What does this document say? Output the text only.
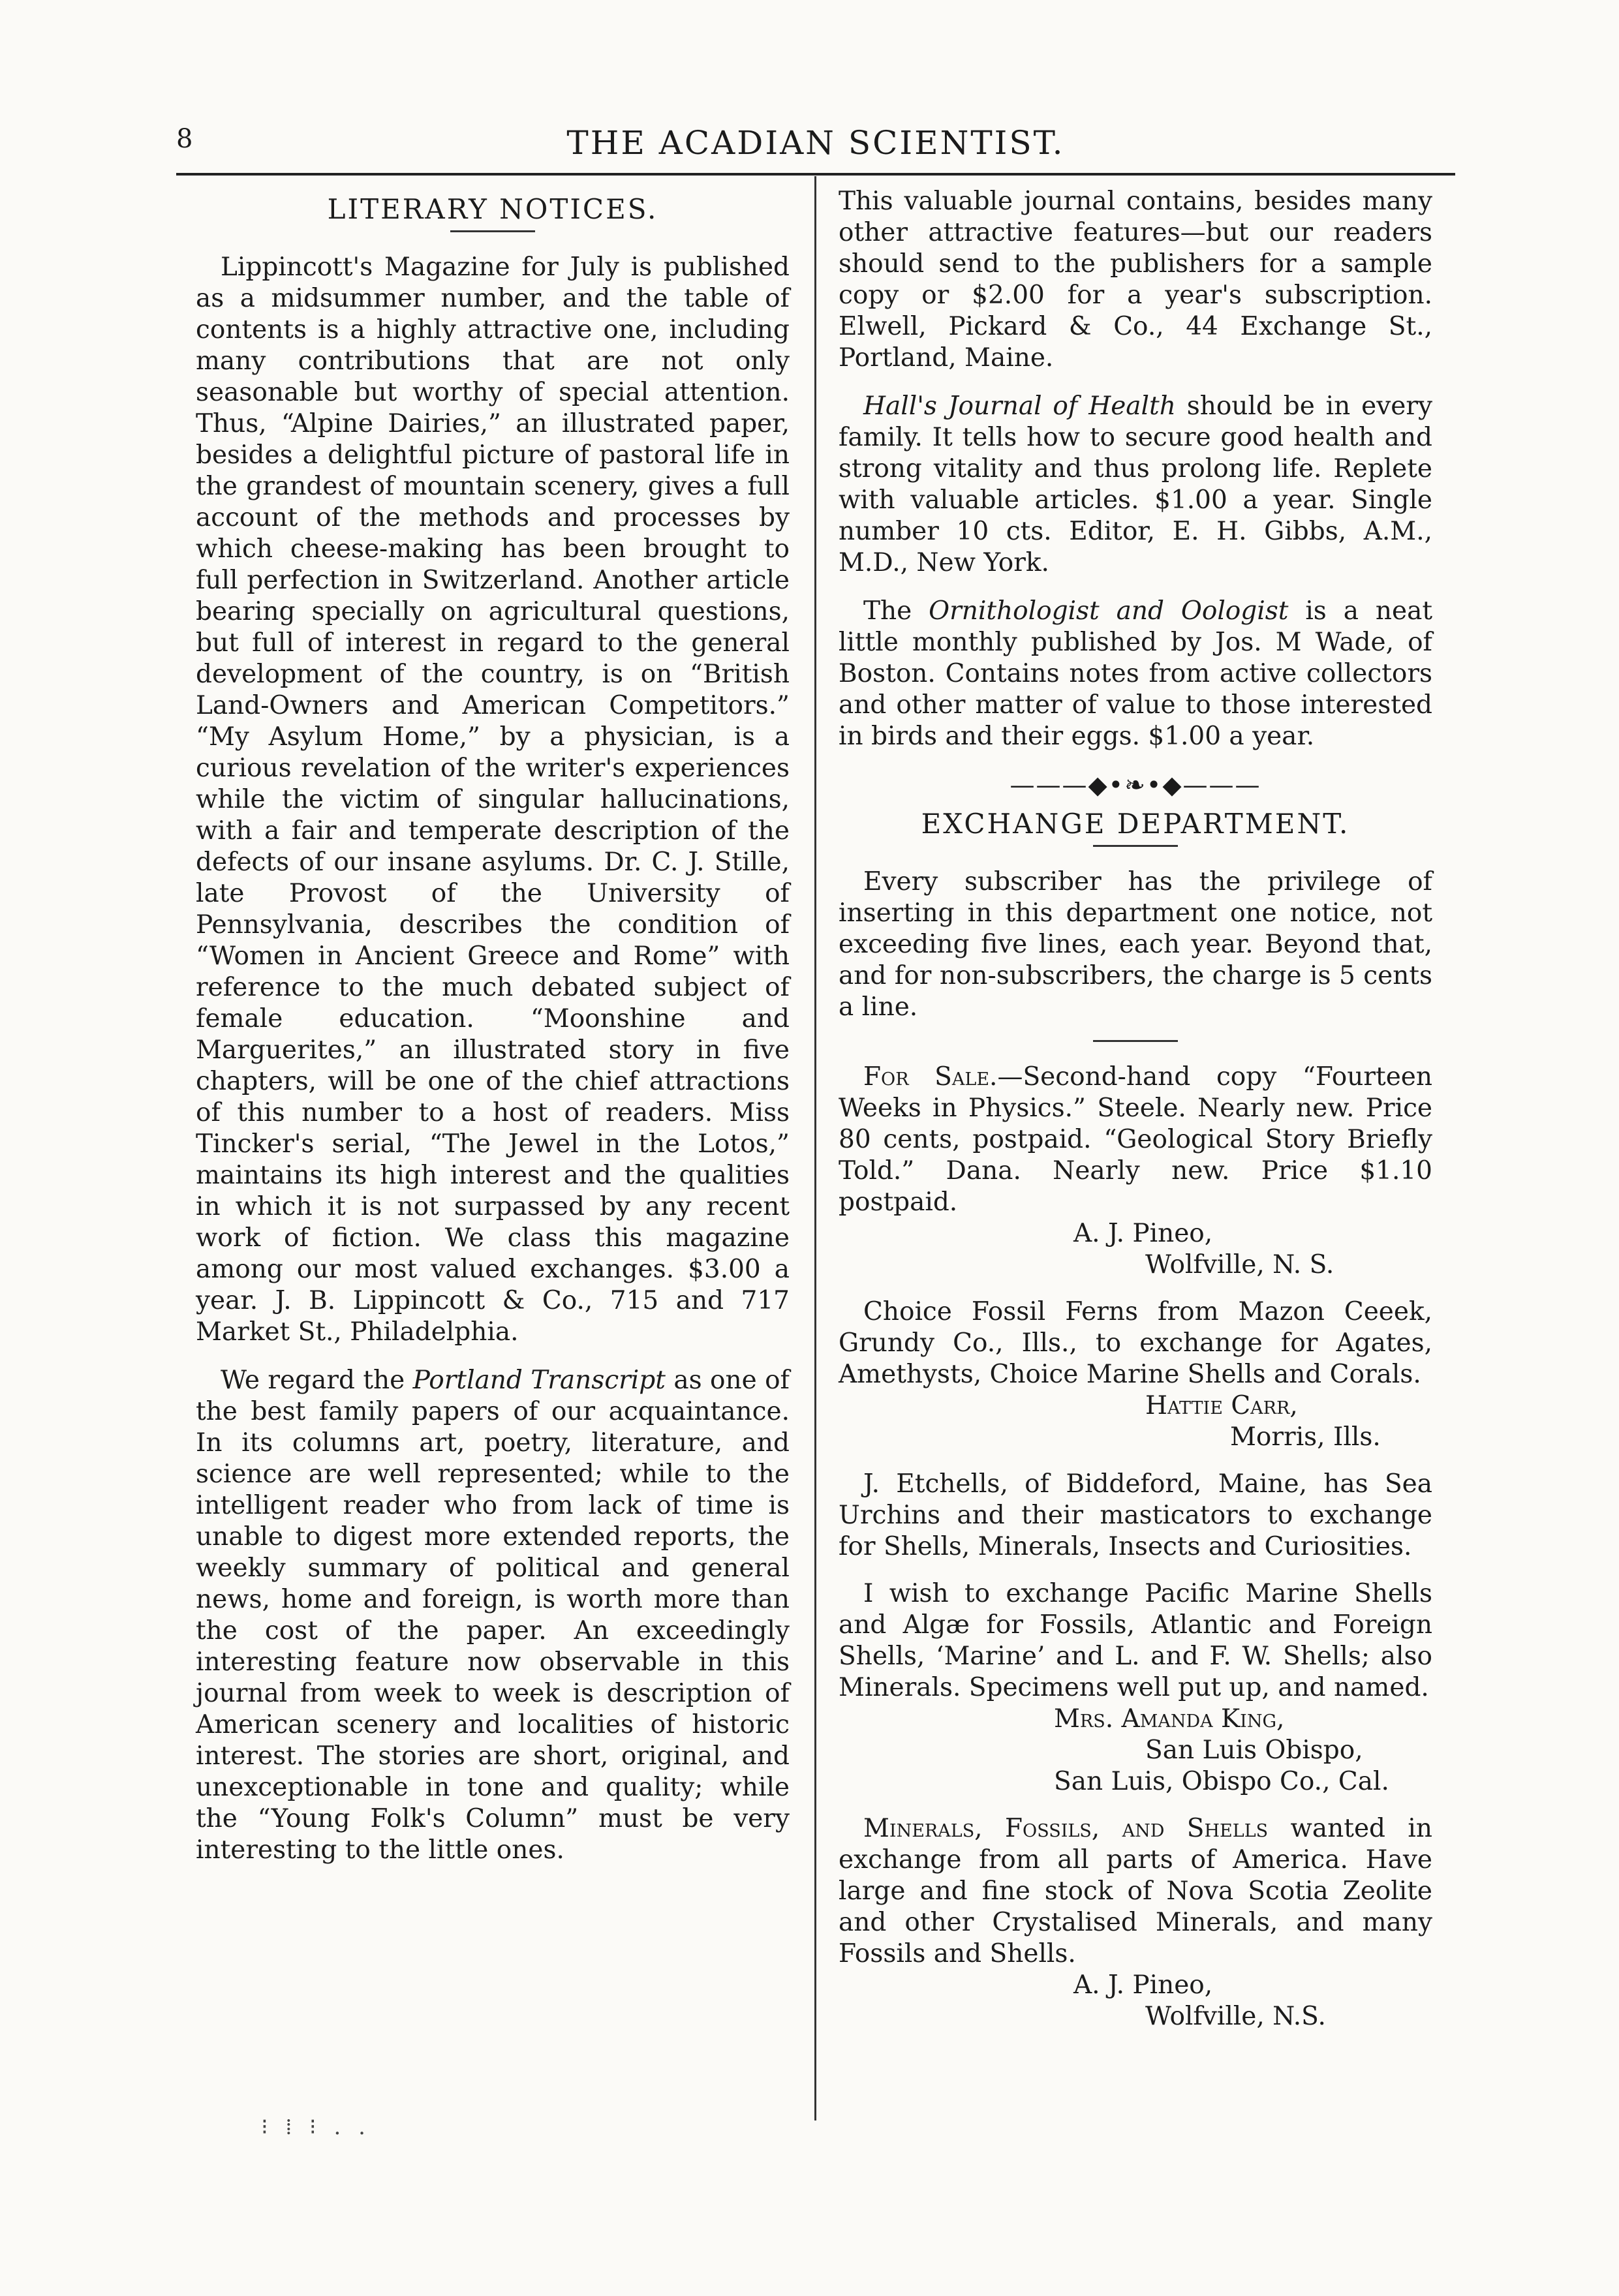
8	THE ACADIAN SCIENTIST.
LITERARY NOTICES.

Lippincott's Magazine for July is published as a midsummer number, and the table of contents is a highly attractive one, including many contributions that are not only seasonable but worthy of special attention. Thus, “Alpine Dairies,” an illustrated paper, besides a delightful picture of pastoral life in the grandest of mountain scenery, gives a full account of the methods and processes by which cheese-making has been brought to full perfection in Switzerland. Another article bearing specially on agricultural questions, but full of interest in regard to the general development of the country, is on “British Land-Owners and American Competitors.” “My Asylum Home,” by a physician, is a curious revelation of the writer's experiences while the victim of singular hallucinations, with a fair and temperate description of the defects of our insane asylums. Dr. C. J. Stille, late Provost of the University of Pennsylvania, describes the condition of “Women in Ancient Greece and Rome” with reference to the much debated subject of female education. “Moonshine and Marguerites,” an illustrated story in five chapters, will be one of the chief attractions of this number to a host of readers. Miss Tincker's serial, “The Jewel in the Lotos,” maintains its high interest and the qualities in which it is not surpassed by any recent work of fiction. We class this magazine among our most valued exchanges. $3.00 a year. J. B. Lippincott & Co., 715 and 717 Market St., Philadelphia.

We regard the Portland Transcript as one of the best family papers of our acquaintance. In its columns art, poetry, literature, and science are well represented; while to the intelligent reader who from lack of time is unable to digest more extended reports, the weekly summary of political and general news, home and foreign, is worth more than the cost of the paper. An exceedingly interesting feature now observable in this journal from week to week is description of American scenery and localities of historic interest. The stories are short, original, and unexceptionable in tone and quality; while the “Young Folk's Column” must be very interesting to the little ones.

This valuable journal contains, besides many other attractive features—but our readers should send to the publishers for a sample copy or $2.00 for a year's subscription. Elwell, Pickard & Co., 44 Exchange St., Portland, Maine.

Hall's Journal of Health should be in every family. It tells how to secure good health and strong vitality and thus prolong life. Replete with valuable articles. $1.00 a year. Single number 10 cts. Editor, E. H. Gibbs, A.M., M.D., New York.

The Ornithologist and Oologist is a neat little monthly published by Jos. M Wade, of Boston. Contains notes from active collectors and other matter of value to those interested in birds and their eggs. $1.00 a year.

———◆•❧•◆———
EXCHANGE DEPARTMENT.

Every subscriber has the privilege of inserting in this department one notice, not exceeding five lines, each year. Beyond that, and for non-subscribers, the charge is 5 cents a line.

For Sale.—Second-hand copy “Fourteen Weeks in Physics.” Steele. Nearly new. Price 80 cents, postpaid. “Geological Story Briefly Told.” Dana. Nearly new. Price $1.10 postpaid.
A. J. Pineo,
Wolfville, N. S.
Choice Fossil Ferns from Mazon Ceeek, Grundy Co., Ills., to exchange for Agates, Amethysts, Choice Marine Shells and Corals.
Hattie Carr,
Morris, Ills.
J. Etchells, of Biddeford, Maine, has Sea Urchins and their masticators to exchange for Shells, Minerals, Insects and Curiosities.
I wish to exchange Pacific Marine Shells and Algæ for Fossils, Atlantic and Foreign Shells, ‘Marine’ and L. and F. W. Shells; also Minerals. Specimens well put up, and named.
Mrs. Amanda King,
San Luis Obispo,
San Luis, Obispo Co., Cal.
Minerals, Fossils, and Shells wanted in exchange from all parts of America. Have large and fine stock of Nova Scotia Zeolite and other Crystalised Minerals, and many Fossils and Shells.
A. J. Pineo,
Wolfville, N.S.
⁝ ⁞ ⁝ . .
